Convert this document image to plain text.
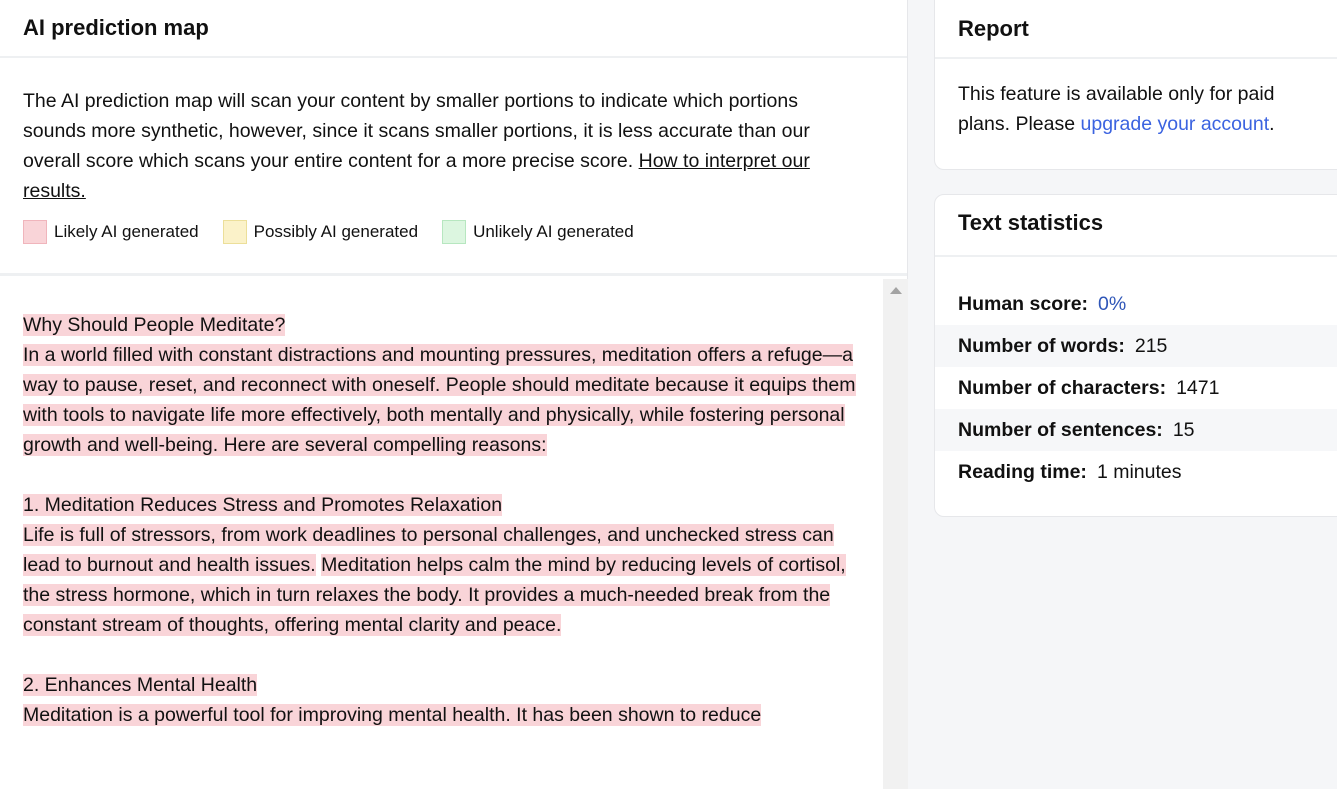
AI prediction map

The AI prediction map will scan your content by smaller portions to indicate which portions sounds more synthetic, however, since it scans smaller portions, it is less accurate than our overall score which scans your entire content for a more precise score. How to interpret our results.

Likely AI generated	Possibly AI generated	Unlikely AI generated
Why Should People Meditate?
In a world filled with constant distractions and mounting pressures, meditation offers a refuge—a way to pause, reset, and reconnect with oneself. People should meditate because it equips them with tools to navigate life more effectively, both mentally and physically, while fostering personal growth and well-being. Here are several compelling reasons:
1. Meditation Reduces Stress and Promotes Relaxation
Life is full of stressors, from work deadlines to personal challenges, and unchecked stress can lead to burnout and health issues. Meditation helps calm the mind by reducing levels of cortisol, the stress hormone, which in turn relaxes the body. It provides a much-needed break from the constant stream of thoughts, offering mental clarity and peace.
2. Enhances Mental Health
Meditation is a powerful tool for improving mental health. It has been shown to reduce
Report

This feature is available only for paid plans. Please upgrade your account.

Text statistics
Human score: 0%
Number of words: 215
Number of characters: 1471
Number of sentences: 15
Reading time: 1 minutes
